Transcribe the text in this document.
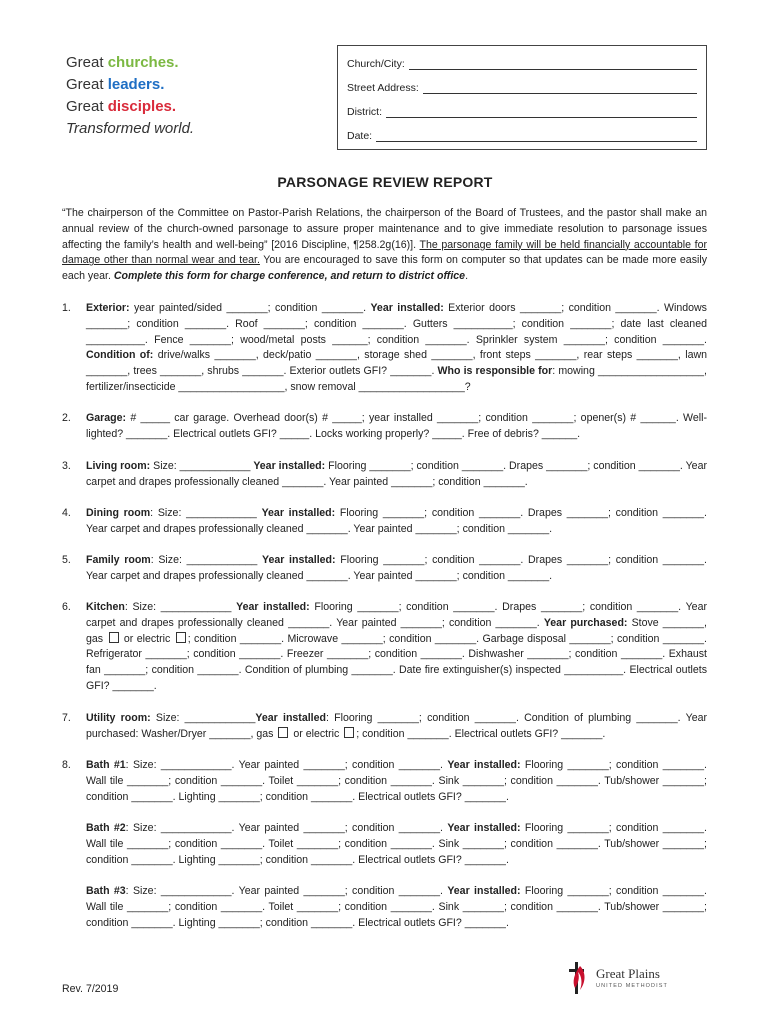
Great churches.
Great leaders.
Great disciples.
Transformed world.
Church/City:
Street Address:
District:
Date:
PARSONAGE REVIEW REPORT
“The chairperson of the Committee on Pastor-Parish Relations, the chairperson of the Board of Trustees, and the pastor shall make an annual review of the church-owned parsonage to assure proper maintenance and to give immediate resolution to parsonage issues affecting the family’s health and well-being” [2016 Discipline, ¶258.2g(16)]. The parsonage family will be held financially accountable for damage other than normal wear and tear. You are encouraged to save this form on computer so that updates can be made more easily each year. Complete this form for charge conference, and return to district office.
1.	Exterior: year painted/sided _______; condition _______. Year installed: Exterior doors _______; condition _______. Windows _______; condition _______. Roof _______; condition _______. Gutters __________; condition _______; date last cleaned __________. Fence _______; wood/metal posts ______; condition _______. Sprinkler system _______; condition _______. Condition of: drive/walks _______, deck/patio _______, storage shed _______, front steps _______, rear steps _______, lawn _______, trees _______, shrubs _______. Exterior outlets GFI? _______. Who is responsible for: mowing __________________, fertilizer/insecticide __________________, snow removal __________________?
2.	Garage: # _____ car garage. Overhead door(s) # _____; year installed _______; condition _______; opener(s) # ______. Well-lighted? _______. Electrical outlets GFI? _____. Locks working properly? _____. Free of debris? ______.
3.	Living room: Size: ____________ Year installed: Flooring _______; condition _______. Drapes _______; condition _______. Year carpet and drapes professionally cleaned _______. Year painted _______; condition _______.
4.	Dining room: Size: ____________ Year installed: Flooring _______; condition _______. Drapes _______; condition _______. Year carpet and drapes professionally cleaned _______. Year painted _______; condition _______.
5.	Family room: Size: ____________ Year installed: Flooring _______; condition _______. Drapes _______; condition _______. Year carpet and drapes professionally cleaned _______. Year painted _______; condition _______.
6.	Kitchen: Size: ____________ Year installed: Flooring _______; condition _______. Drapes _______; condition _______. Year carpet and drapes professionally cleaned _______. Year painted _______; condition _______. Year purchased: Stove _______, gas  or electric ; condition _______. Microwave _______; condition _______. Garbage disposal _______; condition _______. Refrigerator _______; condition _______. Freezer _______; condition _______. Dishwasher _______; condition _______. Exhaust fan _______; condition _______. Condition of plumbing _______. Date fire extinguisher(s) inspected __________. Electrical outlets GFI? _______.
7.	Utility room: Size: ____________Year installed: Flooring _______; condition _______. Condition of plumbing _______. Year purchased: Washer/Dryer _______, gas  or electric ; condition _______. Electrical outlets GFI? _______.
8.	Bath #1: Size: ____________. Year painted _______; condition _______. Year installed: Flooring _______; condition _______. Wall tile _______; condition _______. Toilet _______; condition _______. Sink _______; condition _______. Tub/shower _______; condition _______. Lighting _______; condition _______. Electrical outlets GFI? _______.
Bath #2: Size: ____________. Year painted _______; condition _______. Year installed: Flooring _______; condition _______. Wall tile _______; condition _______. Toilet _______; condition _______. Sink _______; condition _______. Tub/shower _______; condition _______. Lighting _______; condition _______. Electrical outlets GFI? _______.
Bath #3: Size: ____________. Year painted _______; condition _______. Year installed: Flooring _______; condition _______. Wall tile _______; condition _______. Toilet _______; condition _______. Sink _______; condition _______. Tub/shower _______; condition _______. Lighting _______; condition _______. Electrical outlets GFI? _______.
Rev. 7/2019
Great Plains
UNITED METHODIST
